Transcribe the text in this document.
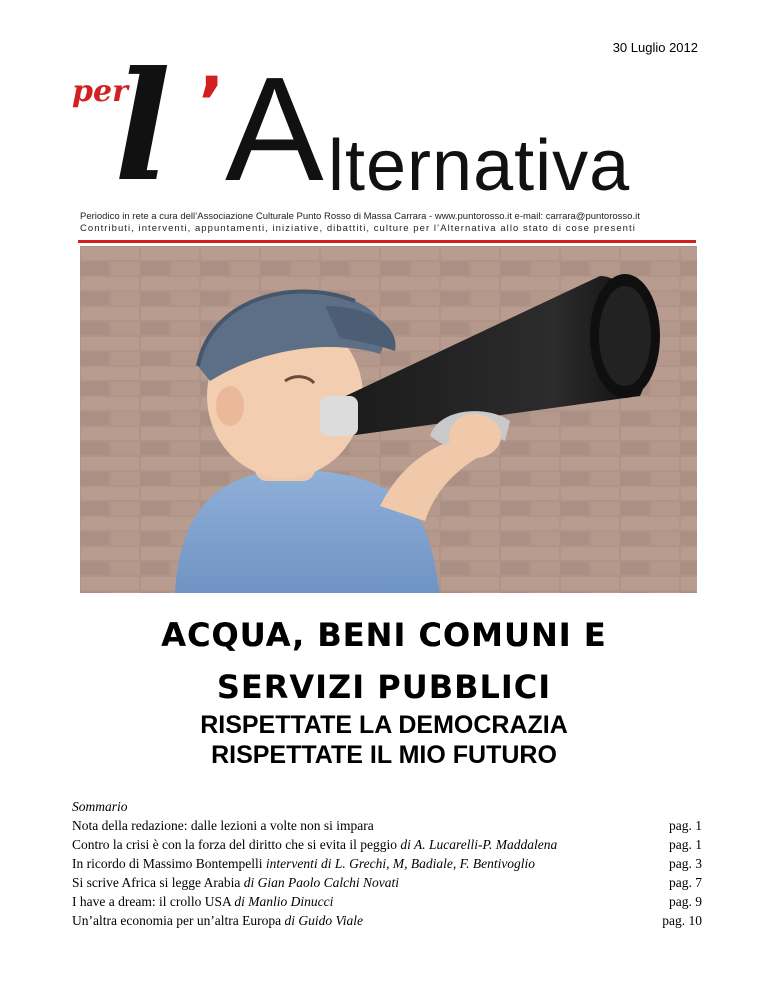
30 Luglio 2012
per
l ’ A lternativa
Periodico in rete a cura dell’Associazione Culturale Punto Rosso di Massa Carrara - www.puntorosso.it e-mail: carrara@puntorosso.it
Contributi, interventi, appuntamenti, iniziative, dibattiti, culture per l’Alternativa allo stato di cose presenti
ACQUA, BENI COMUNI E
SERVIZI PUBBLICI
RISPETTATE LA DEMOCRAZIA
RISPETTATE IL MIO FUTURO
Sommario
Nota della redazione: dalle lezioni a volte non si impara	pag. 1
Contro la crisi è con la forza del diritto che si evita il peggio di A. Lucarelli-P. Maddalena	pag. 1
In ricordo di Massimo Bontempelli interventi di L. Grechi, M, Badiale, F. Bentivoglio	pag. 3
Si scrive Africa si legge Arabia di Gian Paolo Calchi Novati	pag. 7
I have a dream: il crollo USA di Manlio Dinucci	pag. 9
Un’altra economia per un’altra Europa di Guido Viale	pag. 10
